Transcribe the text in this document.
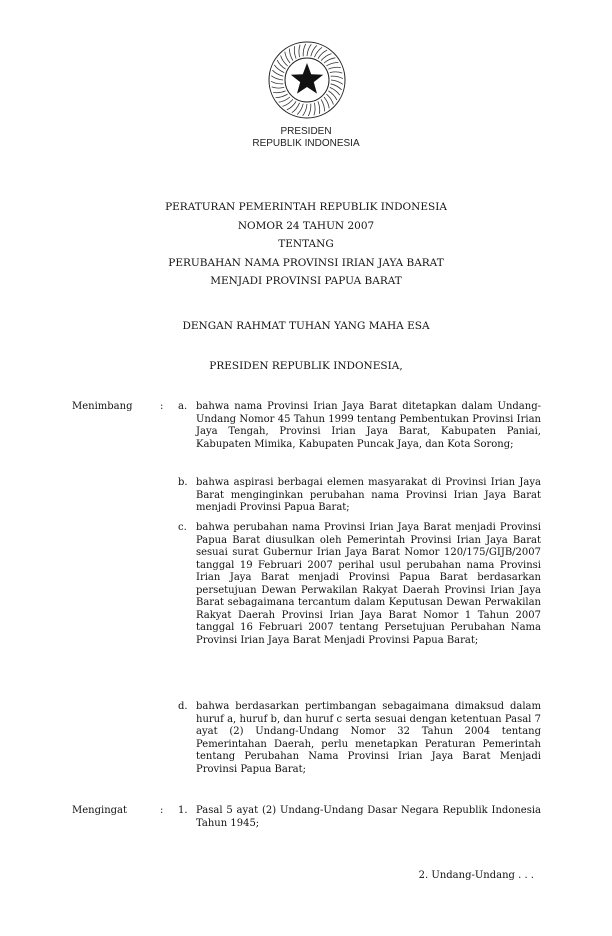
PRESIDEN
REPUBLIK INDONESIA
PERATURAN PEMERINTAH REPUBLIK INDONESIA
NOMOR 24 TAHUN 2007
TENTANG
PERUBAHAN NAMA PROVINSI IRIAN JAYA BARAT
MENJADI PROVINSI PAPUA BARAT
DENGAN RAHMAT TUHAN YANG MAHA ESA
PRESIDEN REPUBLIK INDONESIA,
Menimbang	: a. bahwa nama Provinsi Irian Jaya Barat ditetapkan dalam Undang-Undang Nomor 45 Tahun 1999 tentang Pembentukan Provinsi Irian Jaya Tengah, Provinsi Irian Jaya Barat, Kabupaten Paniai, Kabupaten Mimika, Kabupaten Puncak Jaya, dan Kota Sorong;
b. bahwa aspirasi berbagai elemen masyarakat di Provinsi Irian Jaya Barat menginginkan perubahan nama Provinsi Irian Jaya Barat menjadi Provinsi Papua Barat;
c. bahwa perubahan nama Provinsi Irian Jaya Barat menjadi Provinsi Papua Barat diusulkan oleh Pemerintah Provinsi Irian Jaya Barat sesuai surat Gubernur Irian Jaya Barat Nomor 120/175/GIJB/2007 tanggal 19 Februari 2007 perihal usul perubahan nama Provinsi Irian Jaya Barat menjadi Provinsi Papua Barat berdasarkan persetujuan Dewan Perwakilan Rakyat Daerah Provinsi Irian Jaya Barat sebagaimana tercantum dalam Keputusan Dewan Perwakilan Rakyat Daerah Provinsi Irian Jaya Barat Nomor 1 Tahun 2007 tanggal 16 Februari 2007 tentang Persetujuan Perubahan Nama Provinsi Irian Jaya Barat Menjadi Provinsi Papua Barat;
d. bahwa berdasarkan pertimbangan sebagaimana dimaksud dalam huruf a, huruf b, dan huruf c serta sesuai dengan ketentuan Pasal 7 ayat (2) Undang-Undang Nomor 32 Tahun 2004 tentang Pemerintahan Daerah, perlu menetapkan Peraturan Pemerintah tentang Perubahan Nama Provinsi Irian Jaya Barat Menjadi Provinsi Papua Barat;
Mengingat	: 1. Pasal 5 ayat (2) Undang-Undang Dasar Negara Republik Indonesia Tahun 1945;
2. Undang-Undang . . .
